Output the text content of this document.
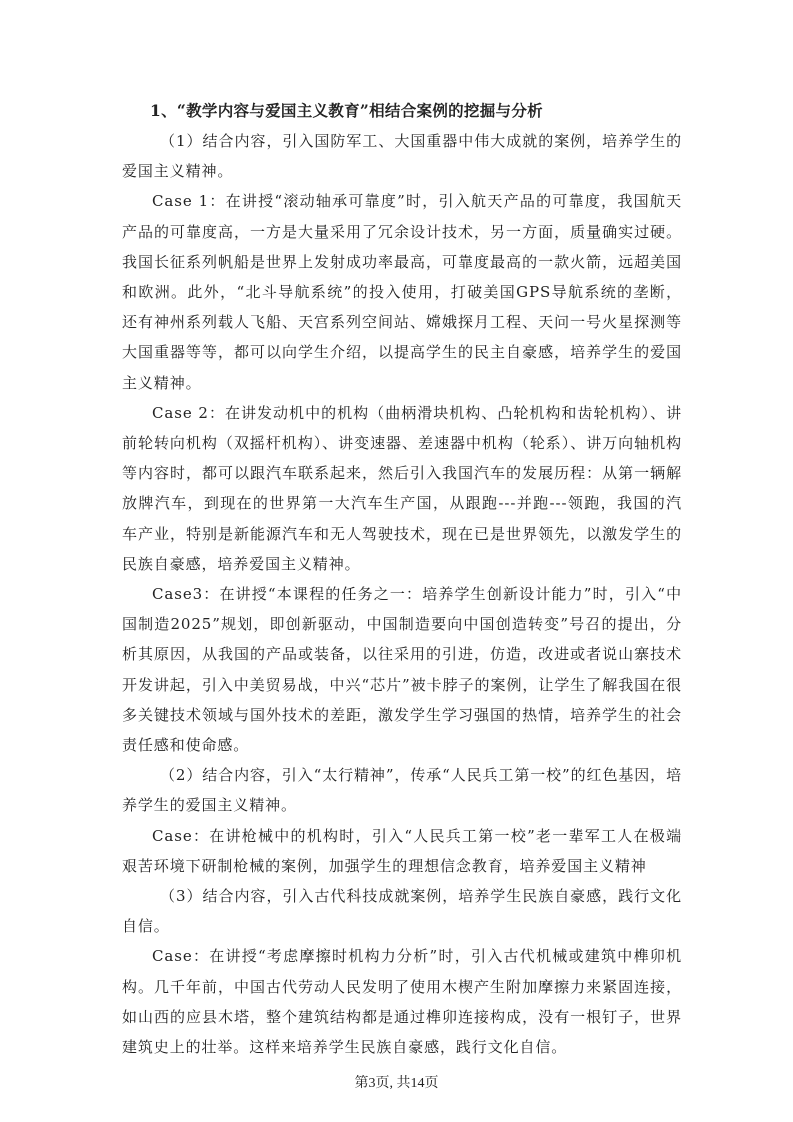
1、“教学内容与爱国主义教育”相结合案例的挖掘与分析

（1）结合内容，引入国防军工、大国重器中伟大成就的案例，培养学生的爱国主义精神。

Case 1：在讲授“滚动轴承可靠度”时，引入航天产品的可靠度，我国航天产品的可靠度高，一方是大量采用了冗余设计技术，另一方面，质量确实过硬。我国长征系列帆船是世界上发射成功率最高，可靠度最高的一款火箭，远超美国和欧洲。此外，“北斗导航系统”的投入使用，打破美国GPS导航系统的垄断，还有神州系列载人飞船、天宫系列空间站、嫦娥探月工程、天问一号火星探测等大国重器等等，都可以向学生介绍，以提高学生的民主自豪感，培养学生的爱国主义精神。

Case 2：在讲发动机中的机构（曲柄滑块机构、凸轮机构和齿轮机构）、讲前轮转向机构（双摇杆机构）、讲变速器、差速器中机构（轮系）、讲万向轴机构等内容时，都可以跟汽车联系起来，然后引入我国汽车的发展历程：从第一辆解放牌汽车，到现在的世界第一大汽车生产国，从跟跑---并跑---领跑，我国的汽车产业，特别是新能源汽车和无人驾驶技术，现在已是世界领先，以激发学生的民族自豪感，培养爱国主义精神。

Case3：在讲授“本课程的任务之一：培养学生创新设计能力”时，引入“中国制造2025”规划，即创新驱动，中国制造要向中国创造转变”号召的提出，分析其原因，从我国的产品或装备，以往采用的引进，仿造，改进或者说山寨技术开发讲起，引入中美贸易战，中兴“芯片”被卡脖子的案例，让学生了解我国在很多关键技术领域与国外技术的差距，激发学生学习强国的热情，培养学生的社会责任感和使命感。

（2）结合内容，引入“太行精神”，传承“人民兵工第一校”的红色基因，培养学生的爱国主义精神。

Case：在讲枪械中的机构时，引入“人民兵工第一校”老一辈军工人在极端艰苦环境下研制枪械的案例，加强学生的理想信念教育，培养爱国主义精神

（3）结合内容，引入古代科技成就案例，培养学生民族自豪感，践行文化自信。

Case：在讲授“考虑摩擦时机构力分析”时，引入古代机械或建筑中榫卯机构。几千年前，中国古代劳动人民发明了使用木楔产生附加摩擦力来紧固连接，如山西的应县木塔，整个建筑结构都是通过榫卯连接构成，没有一根钉子，世界建筑史上的壮举。这样来培养学生民族自豪感，践行文化自信。

第3页, 共14页
